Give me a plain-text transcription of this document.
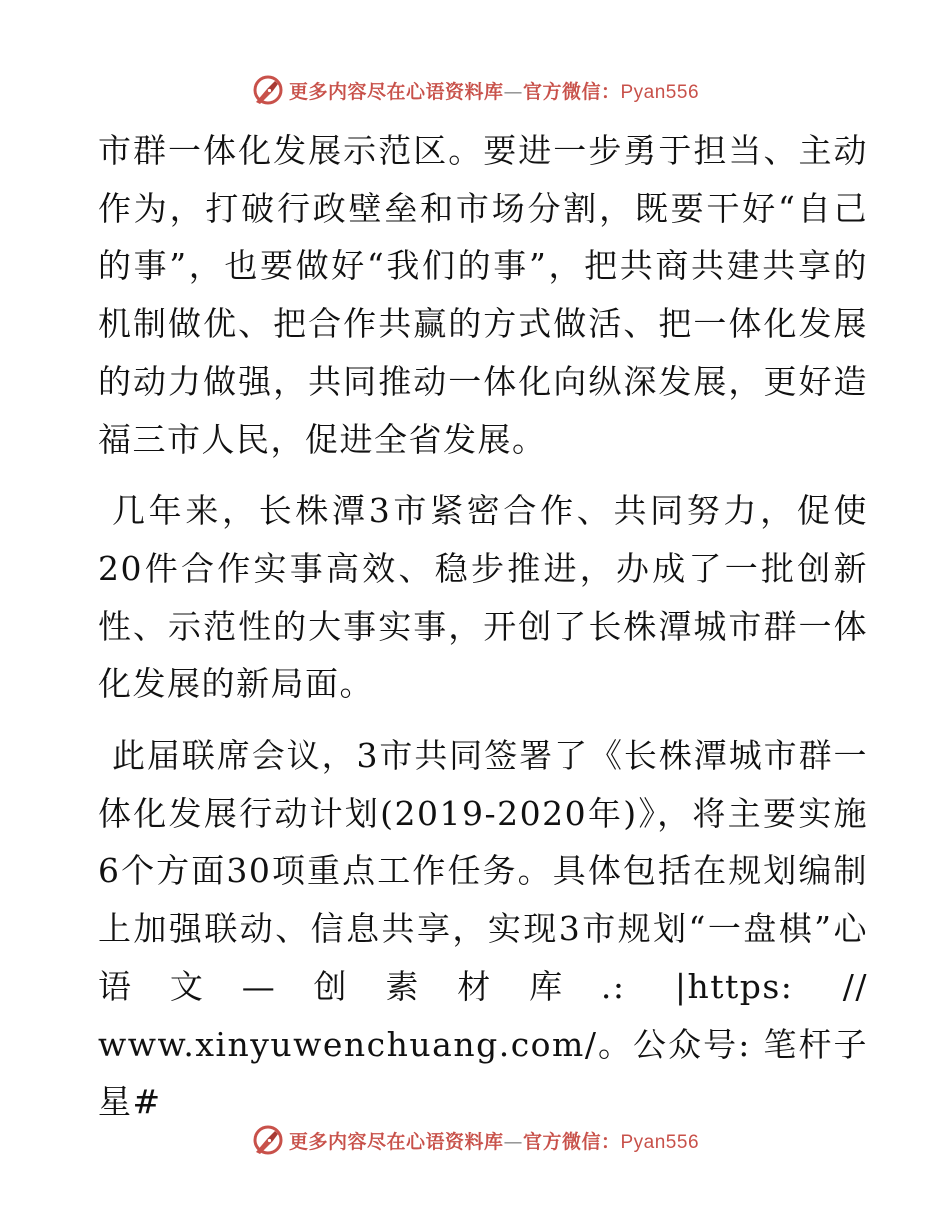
更多内容尽在心语资料库 — 官方微信： Pyan556

市群一体化发展示范区。要进一步勇于担当、主动作为，打破行政壁垒和市场分割，既要干好“自己的事”，也要做好“我们的事”，把共商共建共享的机制做优、把合作共赢的方式做活、把一体化发展的动力做强，共同推动一体化向纵深发展，更好造福三市人民，促进全省发展。

几年来，长株潭3市紧密合作、共同努力，促使20件合作实事高效、稳步推进，办成了一批创新性、示范性的大事实事，开创了长株潭城市群一体化发展的新局面。

此届联席会议，3市共同签署了《长株潭城市群一体化发展行动计划(2019-2020年)》，将主要实施6个方面30项重点工作任务。具体包括在规划编制上加强联动、信息共享，实现3市规划“一盘棋”心语文—创素材库.: |https: // www.xinyuwenchuang.com/。公众号: 笔杆子星#

更多内容尽在心语资料库 — 官方微信： Pyan556
